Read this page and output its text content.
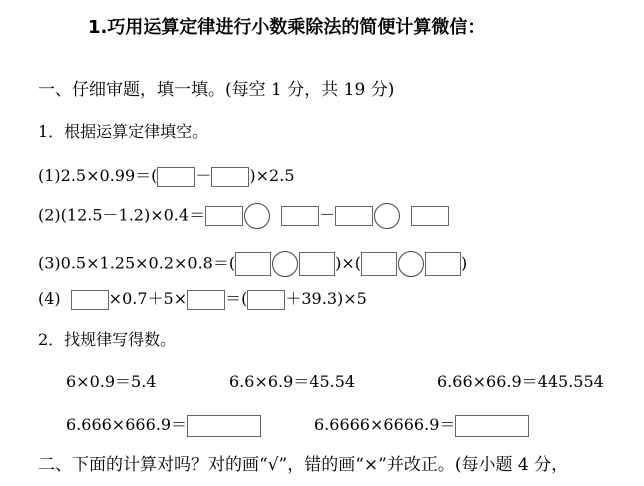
1.巧用运算定律进行小数乘除法的简便计算微信：
一、仔细审题，填一填。(每空 1 分，共 19 分)
1．根据运算定律填空。
(1)2.5×0.99＝( － )×2.5
(2)(12.5－1.2)×0.4＝	－
(3)0.5×1.25×0.2×0.8＝(	)×(	)
(4)	×0.7＋5× ＝( ＋39.3)×5
2．找规律写得数。
6×0.9＝5.4	6.6×6.9＝45.54	6.66×66.9＝445.554
6.666×666.9＝	6.6666×6666.9＝
二、下面的计算对吗？对的画“√”，错的画“×”并改正。(每小题 4 分，
